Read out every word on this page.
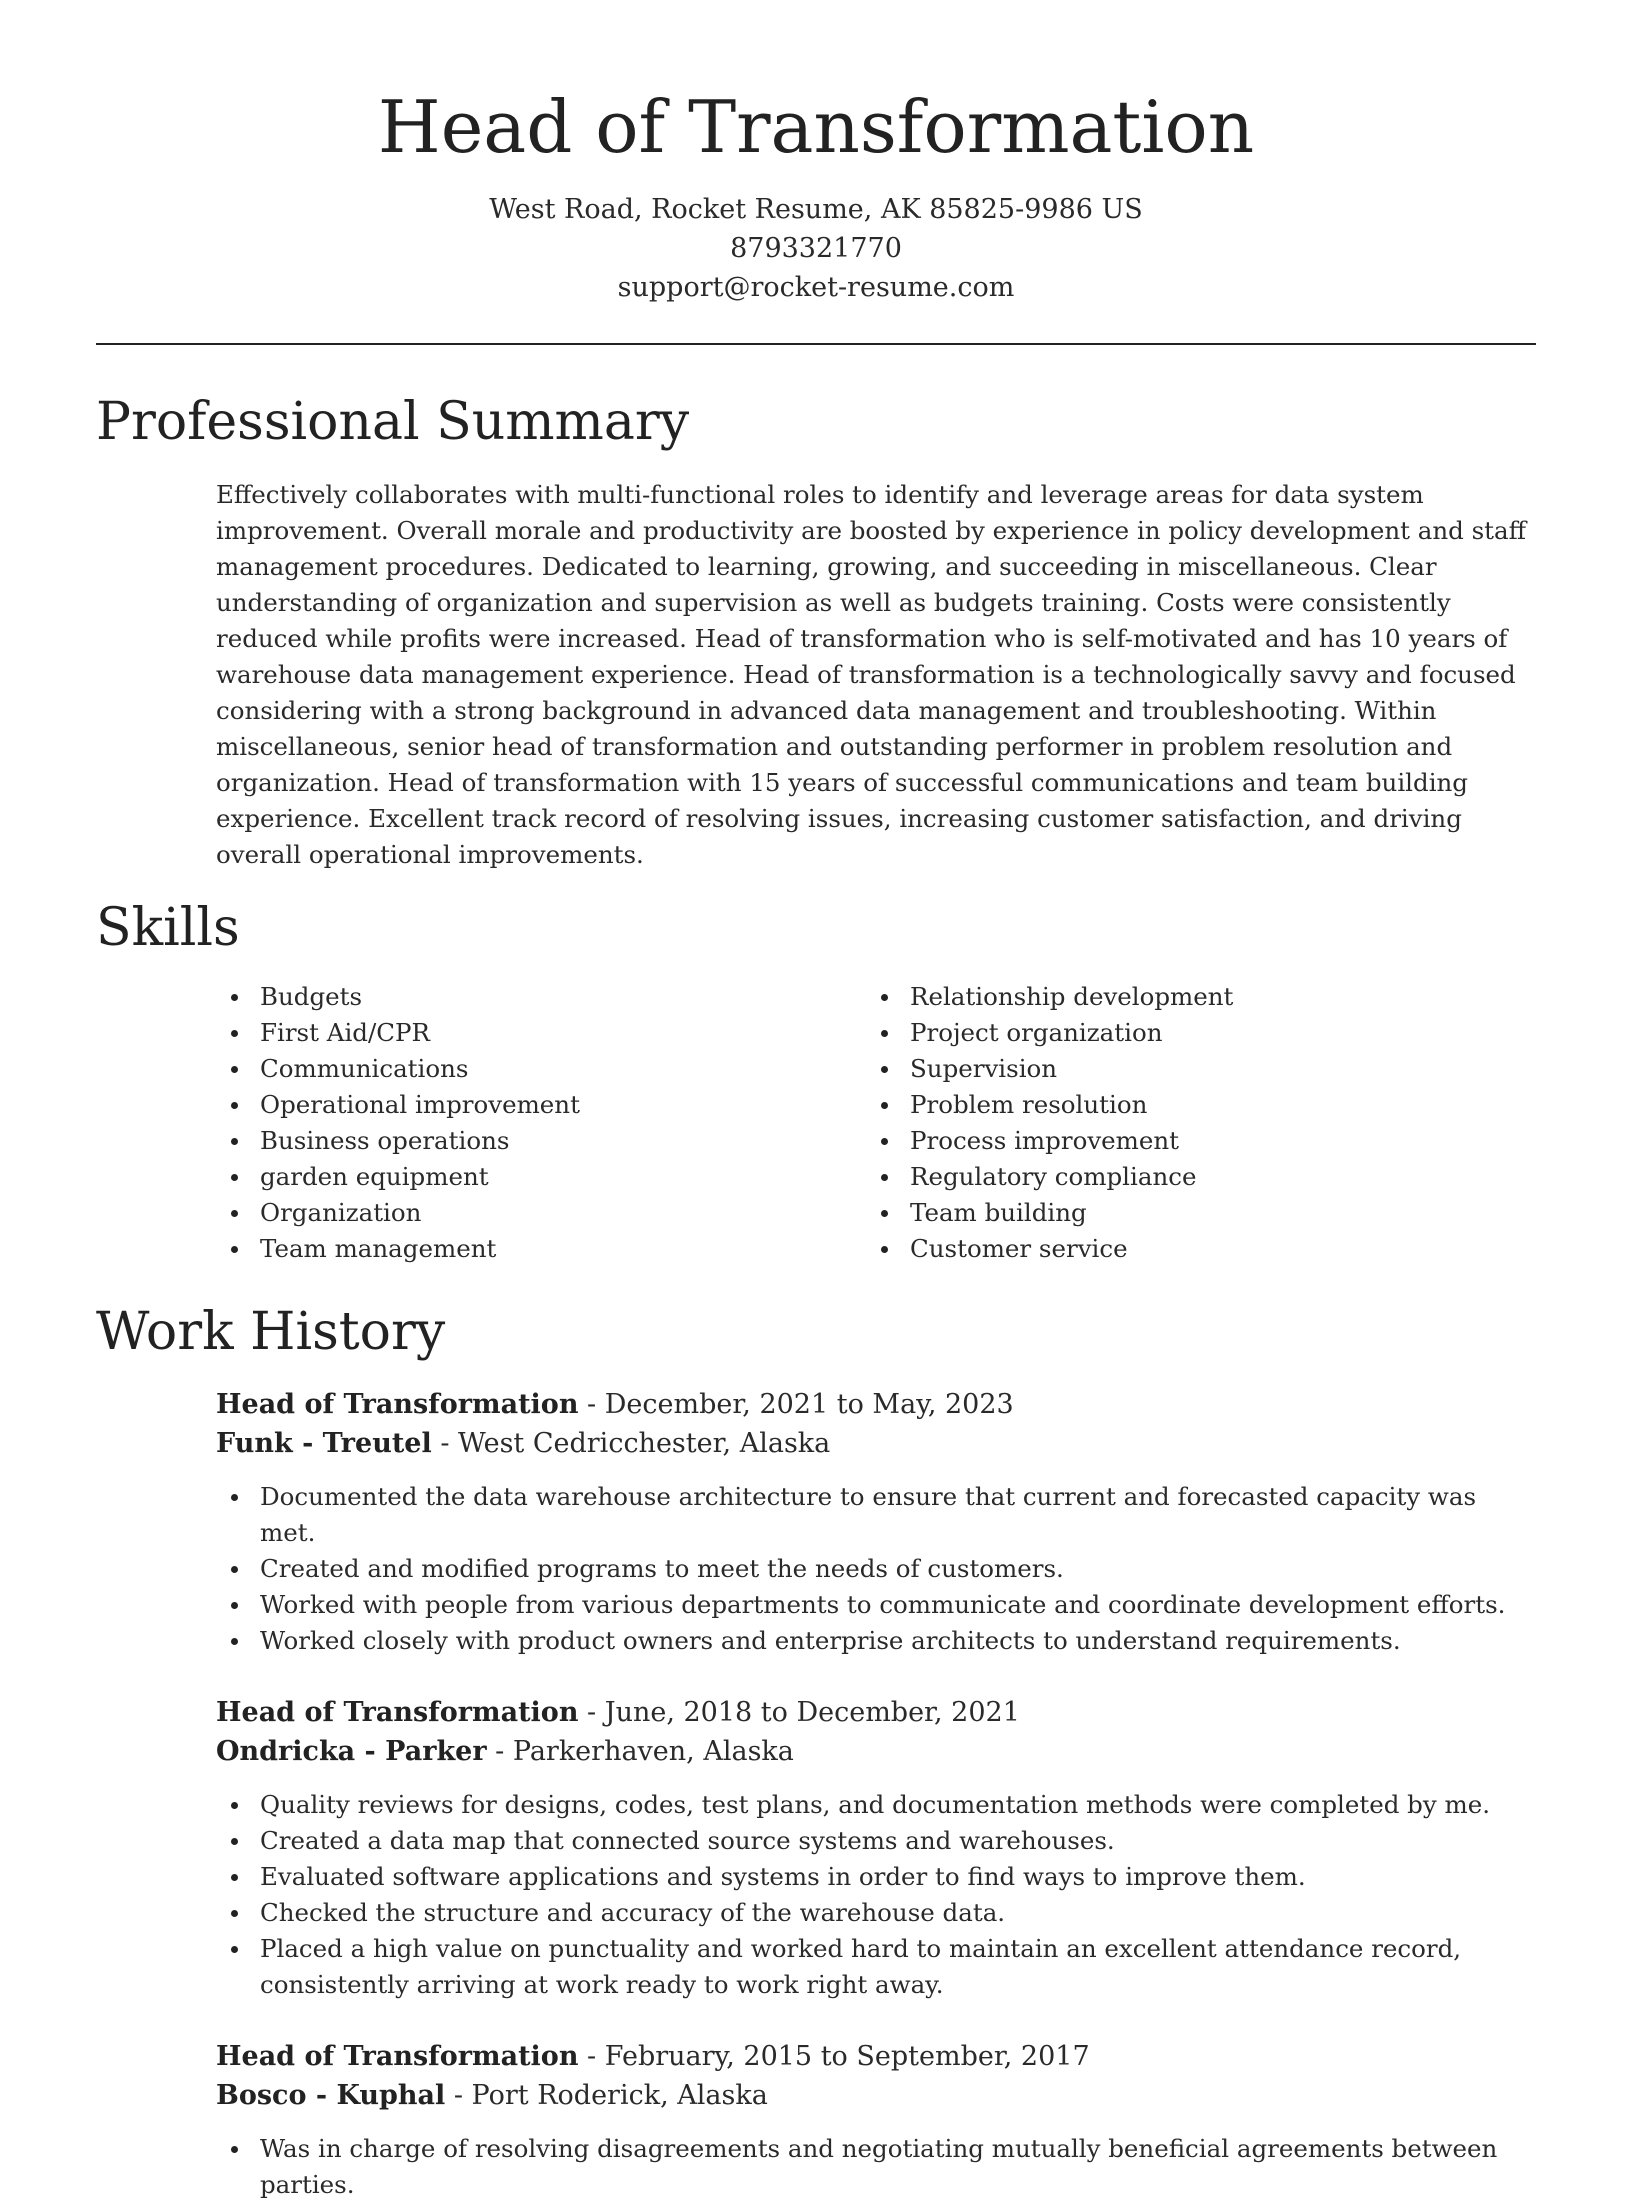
Head of Transformation
West Road, Rocket Resume, AK 85825-9986 US
8793321770
support@rocket-resume.com
Professional Summary

Effectively collaborates with multi-functional roles to identify and leverage areas for data system improvement. Overall morale and productivity are boosted by experience in policy development and staff management procedures. Dedicated to learning, growing, and succeeding in miscellaneous. Clear understanding of organization and supervision as well as budgets training. Costs were consistently reduced while profits were increased. Head of transformation who is self-motivated and has 10 years of warehouse data management experience. Head of transformation is a technologically savvy and focused considering with a strong background in advanced data management and troubleshooting. Within miscellaneous, senior head of transformation and outstanding performer in problem resolution and organization. Head of transformation with 15 years of successful communications and team building experience. Excellent track record of resolving issues, increasing customer satisfaction, and driving overall operational improvements.

Skills
Budgets
First Aid/CPR
Communications
Operational improvement
Business operations
garden equipment
Organization
Team management
Relationship development
Project organization
Supervision
Problem resolution
Process improvement
Regulatory compliance
Team building
Customer service
Work History
Head of Transformation - December, 2021 to May, 2023
Funk - Treutel - West Cedricchester, Alaska
Documented the data warehouse architecture to ensure that current and forecasted capacity was met.
Created and modified programs to meet the needs of customers.
Worked with people from various departments to communicate and coordinate development efforts.
Worked closely with product owners and enterprise architects to understand requirements.
Head of Transformation - June, 2018 to December, 2021
Ondricka - Parker - Parkerhaven, Alaska
Quality reviews for designs, codes, test plans, and documentation methods were completed by me.
Created a data map that connected source systems and warehouses.
Evaluated software applications and systems in order to find ways to improve them.
Checked the structure and accuracy of the warehouse data.
Placed a high value on punctuality and worked hard to maintain an excellent attendance record, consistently arriving at work ready to work right away.
Head of Transformation - February, 2015 to September, 2017
Bosco - Kuphal - Port Roderick, Alaska
Was in charge of resolving disagreements and negotiating mutually beneficial agreements between parties.
